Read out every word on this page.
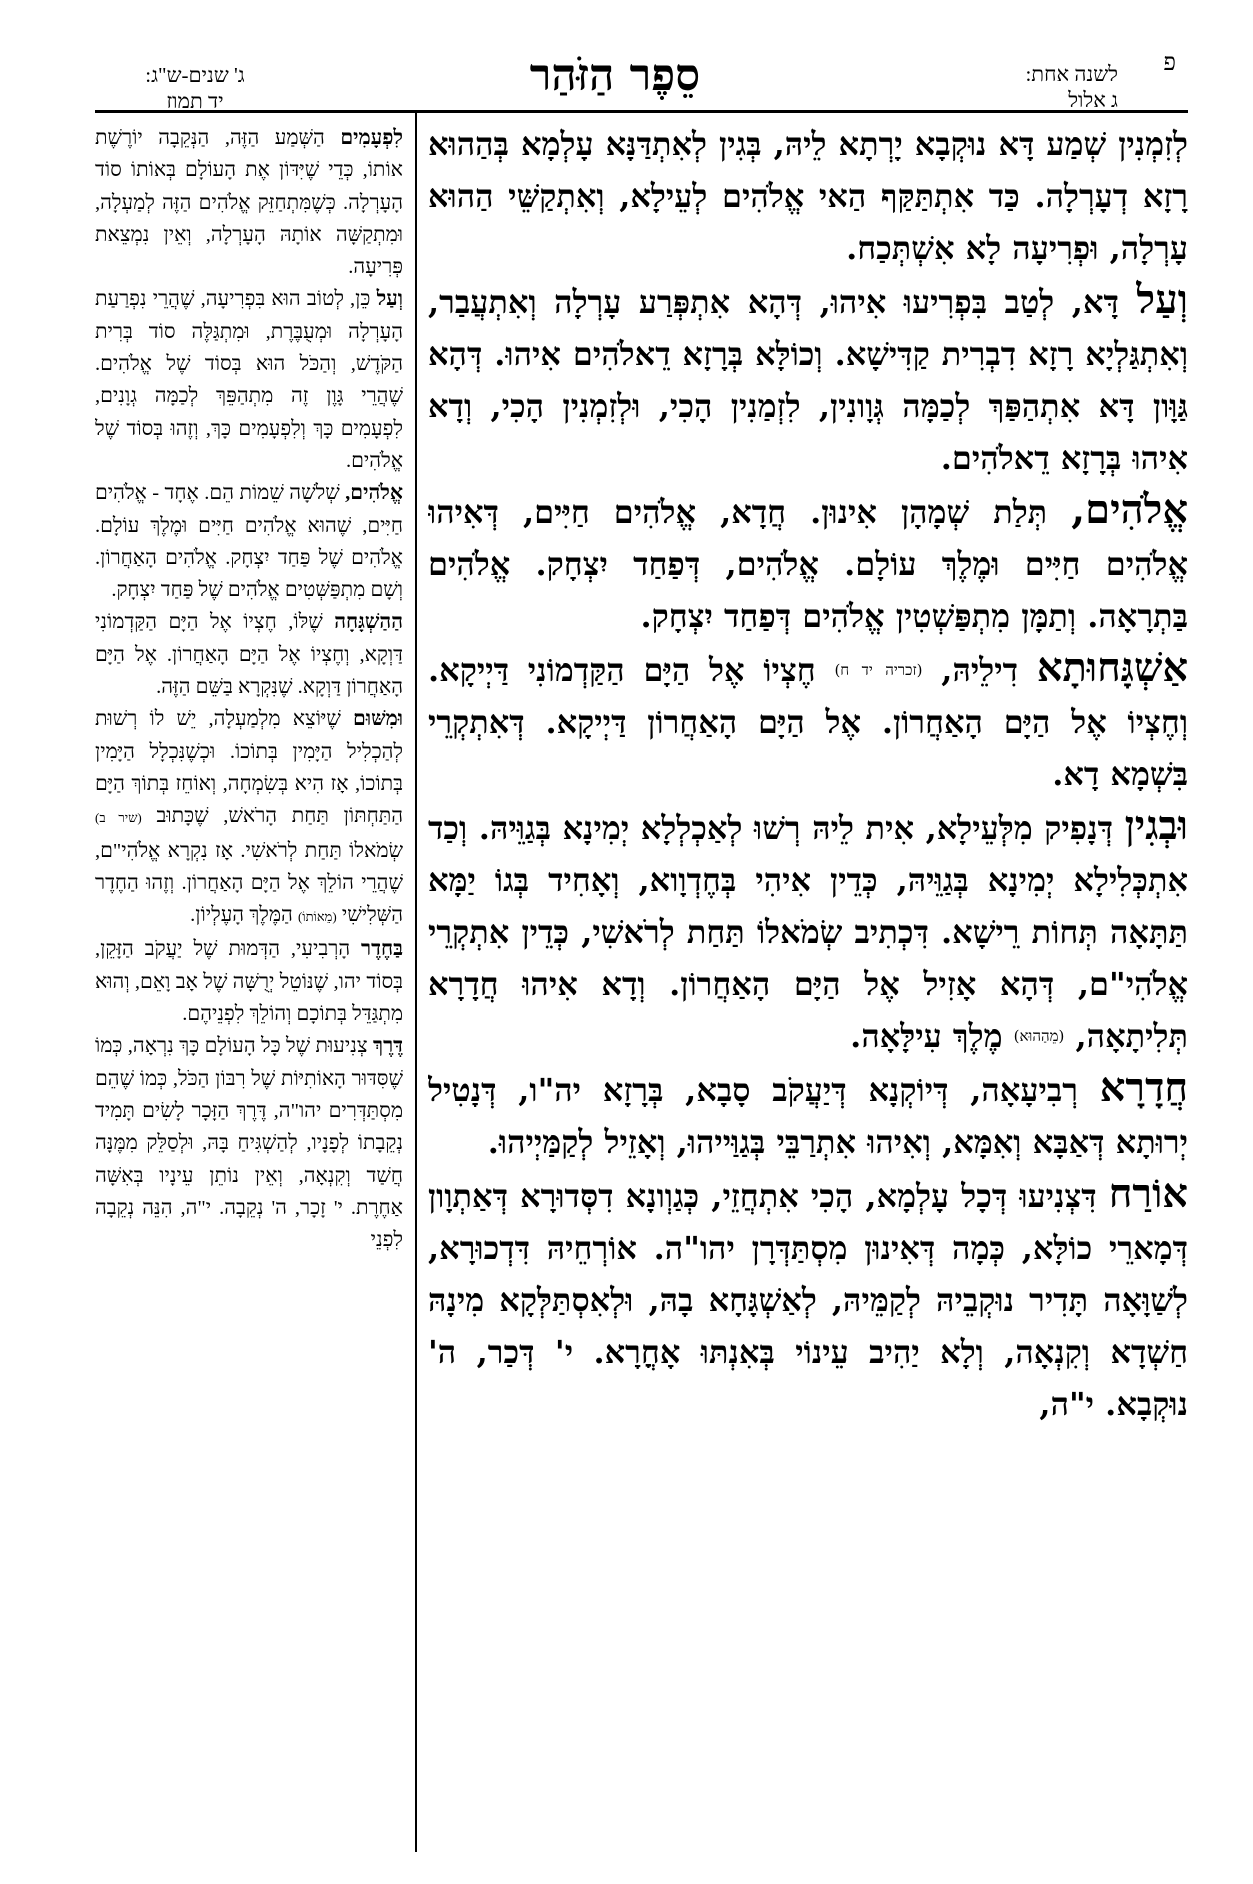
פ
לשנה אחת:
ג אלול
סֵפֶר הַזֹּהַר
ג' שנים-ש"ג:
יד תמוז

לְזִמְנִין שְׁמַע דָּא נוּקְבָא יָרְתָא לֵיהּ, בְּגִין לְאִתְדַּנָּא עָלְמָא בְּהַהוּא רָזָא דְעָרְלָה. כַּד אִתְתַּקַּף הַאי אֱלֹהִים לְעֵילָא, וְאִתְקַשֵּׁי הַהוּא עָרְלָה, וּפְרִיעָה לָא אִשְׁתְּכַח.

וְעַל דָּא, לְטַב בִּפְרִיעוּ אִיהוּ, דְּהָא אִתְפְּרַע עָרְלָה וְאִתְעֲבַר, וְאִתְגַּלְיָא רָזָא דִבְרִית קַדִּישָׁא. וְכוֹלָּא בְּרָזָא דֵאלֹהִים אִיהוּ. דְּהָא גַּוָּון דָּא אִתְהַפַּךְ לְכַמָּה גְּוָונִין, לִזְמַנִין הָכִי, וּלְזִמְנִין הָכִי, וְדָא אִיהוּ בְּרָזָא דֵאלֹהִים.

אֱלֹהִים, תְּלַת שְׁמָהָן אִינוּן. חֲדָא, אֱלֹהִים חַיִּים, דְּאִיהוּ אֱלֹהִים חַיִּים וּמֶלֶךְ עוֹלָם. אֱלֹהִים, דְּפַחַד יִצְחָק. אֱלֹהִים בַּתְרָאָה. וְתַמָּן מִתְפַּשְׁטִין אֱלֹהִים דְּפַחַד יִצְחָק.

אַשְׁגָּחוּתָא דִילֵיהּ, (זכריה יד ח) חֶצְיוֹ אֶל הַיָּם הַקַּדְמוֹנִי דַּיְיקָא. וְחֶצְיוֹ אֶל הַיָּם הָאַחֲרוֹן. אֶל הַיָּם הָאַחֲרוֹן דַּיְיקָא. דְּאִתְקְרֵי בִּשְׁמָא דָא.

וּבְגִין דְּנָפִיק מִלְּעֵילָא, אִית לֵיהּ רְשׁוּ לְאַכְלְלָא יְמִינָא בְּגַוֵּיהּ. וְכַד אִתְכְּלִילָא יְמִינָא בְּגַוֵּיהּ, כְּדֵין אִיהִי בְּחֶדְוָוא, וְאָחִיד בְּגוֹ יַמָּא תַּתָּאָה תְּחוֹת רֵישָׁא. דִּכְתִיב שְׂמֹאלוֹ תַּחַת לְרֹאשִׁי, כְּדֵין אִתְקְרֵי אֱלֹהִי"ם, דְּהָא אָזִיל אֶל הַיָּם הָאַחֲרוֹן. וְדָא אִיהוּ חֲדָרָא תְּלִיתָאָה, (מֵהַהוּא) מֶלֶךְ עִילָּאָה.

חֲדָרָא רְבִיעָאָה, דְּיוֹקְנָא דְּיַעֲקֹב סָבָא, בְּרָזָא יה"ו, דְּנָטִיל יְרוּתָא דְּאַבָּא וְאִמָּא, וְאִיהוּ אִתְרַבֵּי בְּגַוַּייהוּ, וְאָזֵיל לְקַמַּיְיהוּ.

אוֹרַח דִּצְנִיעוּ דְּכָל עָלְמָא, הָכִי אִתְחֲזֵי, כְּגַוְונָא דִסְּדוּרָא דְּאַתְוָון דְּמָארֵי כוֹלָּא, כְּמָה דְּאִינוּן מִסְתַּדְּרָן יהו"ה. אוֹרְחֵיהּ דִּדְכוּרָא, לְשַׁוָּאָה תָּדִיר נוּקְבֵיהּ לְקַמֵּיהּ, לְאַשְׁגָּחָא בָהּ, וּלְאִסְתַּלְּקָא מִינָהּ חַשְׁדָא וְקִנְאָה, וְלָא יַהִיב עֵינוֹי בְּאִנְתּוּ אָחֳרָא. י' דְּכַר, ה' נוּקְבָא. י"ה,

לִפְעָמִים הַשְּׁמַע הַזֶּה, הַנְּקֵבָה יוֹרֶשֶׁת אוֹתוֹ, כְּדֵי שֶׁיִּדּוֹן אֶת הָעוֹלָם בְּאוֹתוֹ סוֹד הָעָרְלָה. כְּשֶׁמִּתְחַזֵּק אֱלֹהִים הַזֶּה לְמַעְלָה, וּמִתְקַשָּׁה אוֹתָהּ הָעָרְלָה, וְאֵין נִמְצֵאת פְּרִיעָה.

וְעַל כֵּן, לְטוֹב הוּא בִּפְרִיעָה, שֶׁהֲרֵי נִפְרַעַת הָעָרְלָה וּמְעֻבֶּרֶת, וּמִתְגַּלֶּה סוֹד בְּרִית הַקֹּדֶשׁ, וְהַכֹּל הוּא בְּסוֹד שֶׁל אֱלֹהִים. שֶׁהֲרֵי גָּוֶן זֶה מִתְהַפֵּךְ לְכַמָּה גְוָנִים, לִפְעָמִים כָּךְ וְלִפְעָמִים כָּךְ, וְזֶהוּ בְּסוֹד שֶׁל אֱלֹהִים.

אֱלֹהִים, שְׁלֹשָׁה שֵׁמוֹת הֵם. אֶחָד - אֱלֹהִים חַיִּים, שֶׁהוּא אֱלֹהִים חַיִּים וּמֶלֶךְ עוֹלָם. אֱלֹהִים שֶׁל פַּחַד יִצְחָק. אֱלֹהִים הָאַחֲרוֹן. וְשָׁם מִתְפַּשְּׁטִים אֱלֹהִים שֶׁל פַּחַד יִצְחָק.

הַהַשְׁגָּחָה שֶׁלּוֹ, חֶצְיוֹ אֶל הַיָּם הַקַּדְמוֹנִי דַּוְקָא, וְחֶצְיוֹ אֶל הַיָּם הָאַחֲרוֹן. אֶל הַיָּם הָאַחֲרוֹן דַּוְקָא. שֶׁנִּקְרָא בַּשֵּׁם הַזֶּה.

וּמִשּׁוּם שֶׁיּוֹצֵא מִלְמַעְלָה, יֵשׁ לוֹ רְשׁוּת לְהַכְלִיל הַיָּמִין בְּתוֹכוֹ. וּכְשֶׁנִּכְלָל הַיָּמִין בְּתוֹכוֹ, אָז הִיא בְּשִׂמְחָה, וְאוֹחֵז בְּתוֹךְ הַיָּם הַתַּחְתּוֹן תַּחַת הָרֹאשׁ, שֶׁכָּתוּב (שיר ב) שְׂמֹאלוֹ תַּחַת לְרֹאשִׁי. אָז נִקְרָא אֱלֹהִי"ם, שֶׁהֲרֵי הוֹלֵךְ אֶל הַיָּם הָאַחֲרוֹן. וְזֶהוּ הַחֶדֶר הַשְּׁלִישִׁי (מֵאוֹתוֹ) הַמֶּלֶךְ הָעֶלְיוֹן.

בַּחֶדֶר הָרְבִיעִי, הַדְּמוּת שֶׁל יַעֲקֹב הַזָּקֵן, בְּסוֹד יהו, שֶׁנּוֹטֵל יְרֻשָּׁה שֶׁל אָב וָאֵם, וְהוּא מִתְגַּדֵּל בְּתוֹכָם וְהוֹלֵךְ לִפְנֵיהֶם.

דֶּרֶךְ צְנִיעוּת שֶׁל כָּל הָעוֹלָם כָּךְ נִרְאָה, כְּמוֹ שֶׁסִּדּוּר הָאוֹתִיּוֹת שֶׁל רִבּוֹן הַכֹּל, כְּמוֹ שֶׁהֵם מִסְתַּדְּרִים יהו"ה, דֶּרֶךְ הַזָּכָר לָשִׂים תָּמִיד נְקֵבָתוֹ לְפָנָיו, לְהַשְׁגִּיחַ בָּהּ, וּלְסַלֵּק מִמֶּנָּה חֲשַׁד וְקִנְאָה, וְאֵין נוֹתֵן עֵינָיו בְּאִשָּׁה אַחֶרֶת. י' זָכָר, ה' נְקֵבָה. י"ה, הִנֵּה נְקֵבָה לִפְנֵי
